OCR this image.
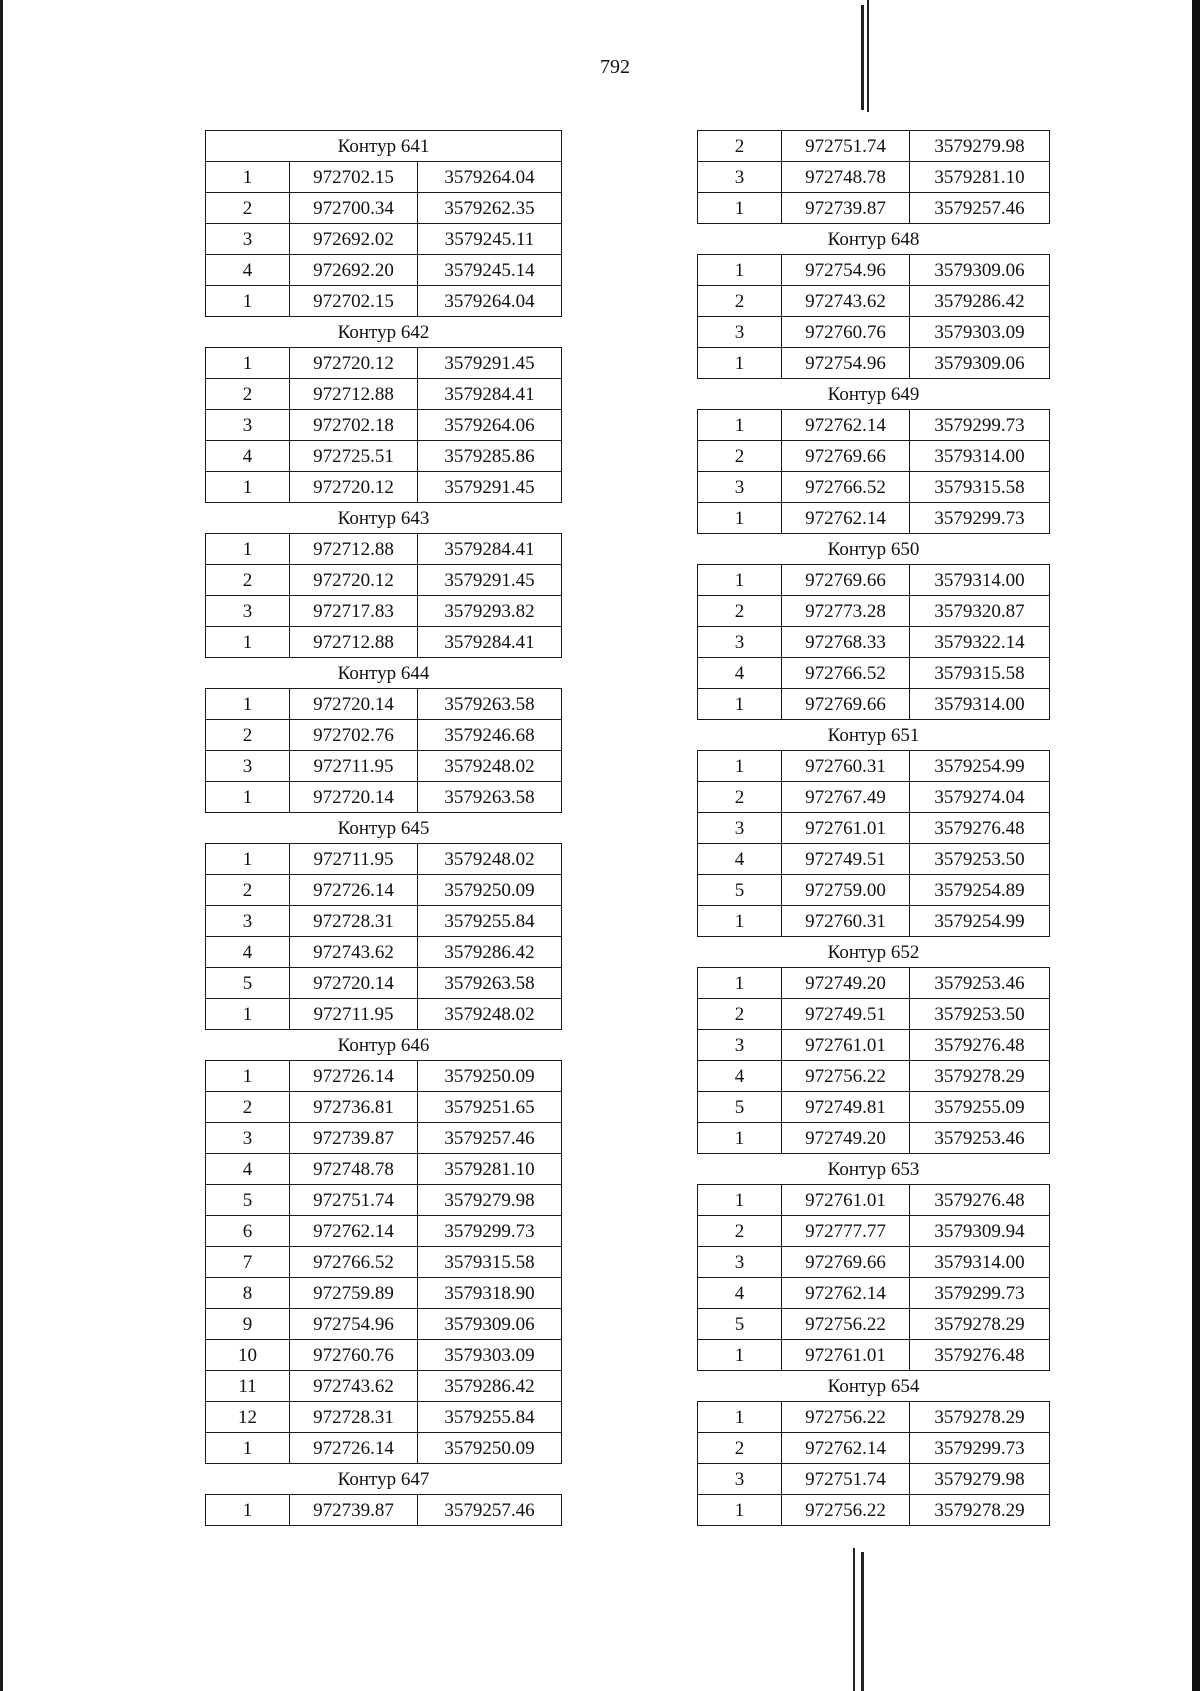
792
Контур 641		
1	972702.15	3579264.04
2	972700.34	3579262.35
3	972692.02	3579245.11
4	972692.20	3579245.14
1	972702.15	3579264.04
Контур 642		
1	972720.12	3579291.45
2	972712.88	3579284.41
3	972702.18	3579264.06
4	972725.51	3579285.86
1	972720.12	3579291.45
Контур 643		
1	972712.88	3579284.41
2	972720.12	3579291.45
3	972717.83	3579293.82
1	972712.88	3579284.41
Контур 644		
1	972720.14	3579263.58
2	972702.76	3579246.68
3	972711.95	3579248.02
1	972720.14	3579263.58
Контур 645		
1	972711.95	3579248.02
2	972726.14	3579250.09
3	972728.31	3579255.84
4	972743.62	3579286.42
5	972720.14	3579263.58
1	972711.95	3579248.02
Контур 646		
1	972726.14	3579250.09
2	972736.81	3579251.65
3	972739.87	3579257.46
4	972748.78	3579281.10
5	972751.74	3579279.98
6	972762.14	3579299.73
7	972766.52	3579315.58
8	972759.89	3579318.90
9	972754.96	3579309.06
10	972760.76	3579303.09
11	972743.62	3579286.42
12	972728.31	3579255.84
1	972726.14	3579250.09
Контур 647		
1	972739.87	3579257.46
2	972751.74	3579279.98
3	972748.78	3579281.10
1	972739.87	3579257.46
Контур 648		
1	972754.96	3579309.06
2	972743.62	3579286.42
3	972760.76	3579303.09
1	972754.96	3579309.06
Контур 649		
1	972762.14	3579299.73
2	972769.66	3579314.00
3	972766.52	3579315.58
1	972762.14	3579299.73
Контур 650		
1	972769.66	3579314.00
2	972773.28	3579320.87
3	972768.33	3579322.14
4	972766.52	3579315.58
1	972769.66	3579314.00
Контур 651		
1	972760.31	3579254.99
2	972767.49	3579274.04
3	972761.01	3579276.48
4	972749.51	3579253.50
5	972759.00	3579254.89
1	972760.31	3579254.99
Контур 652		
1	972749.20	3579253.46
2	972749.51	3579253.50
3	972761.01	3579276.48
4	972756.22	3579278.29
5	972749.81	3579255.09
1	972749.20	3579253.46
Контур 653		
1	972761.01	3579276.48
2	972777.77	3579309.94
3	972769.66	3579314.00
4	972762.14	3579299.73
5	972756.22	3579278.29
1	972761.01	3579276.48
Контур 654		
1	972756.22	3579278.29
2	972762.14	3579299.73
3	972751.74	3579279.98
1	972756.22	3579278.29
